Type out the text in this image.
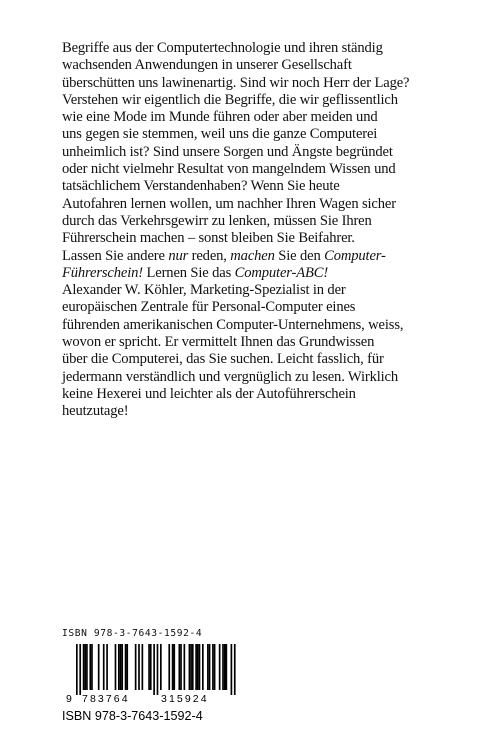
Begriffe aus der Computertechnologie und ihren ständig
wachsenden Anwendungen in unserer Gesellschaft
überschütten uns lawinenartig. Sind wir noch Herr der Lage?
Verstehen wir eigentlich die Begriffe, die wir geflissentlich
wie eine Mode im Munde führen oder aber meiden und
uns gegen sie stemmen, weil uns die ganze Computerei
unheimlich ist? Sind unsere Sorgen und Ängste begründet
oder nicht vielmehr Resultat von mangelndem Wissen und
tatsächlichem Verstandenhaben? Wenn Sie heute
Autofahren lernen wollen, um nachher Ihren Wagen sicher
durch das Verkehrsgewirr zu lenken, müssen Sie Ihren
Führerschein machen – sonst bleiben Sie Beifahrer.
Lassen Sie andere nur reden, machen Sie den Computer-
Führerschein! Lernen Sie das Computer-ABC!
Alexander W. Köhler, Marketing-Spezialist in der
europäischen Zentrale für Personal-Computer eines
führenden amerikanischen Computer-Unternehmens, weiss,
wovon er spricht. Er vermittelt Ihnen das Grundwissen
über die Computerei, das Sie suchen. Leicht fasslich, für
jedermann verständlich und vergnüglich zu lesen. Wirklich
keine Hexerei und leichter als der Autoführerschein
heutzutage!
ISBN 978-3-7643-1592-4
9 783764	315924
ISBN 978-3-7643-1592-4
